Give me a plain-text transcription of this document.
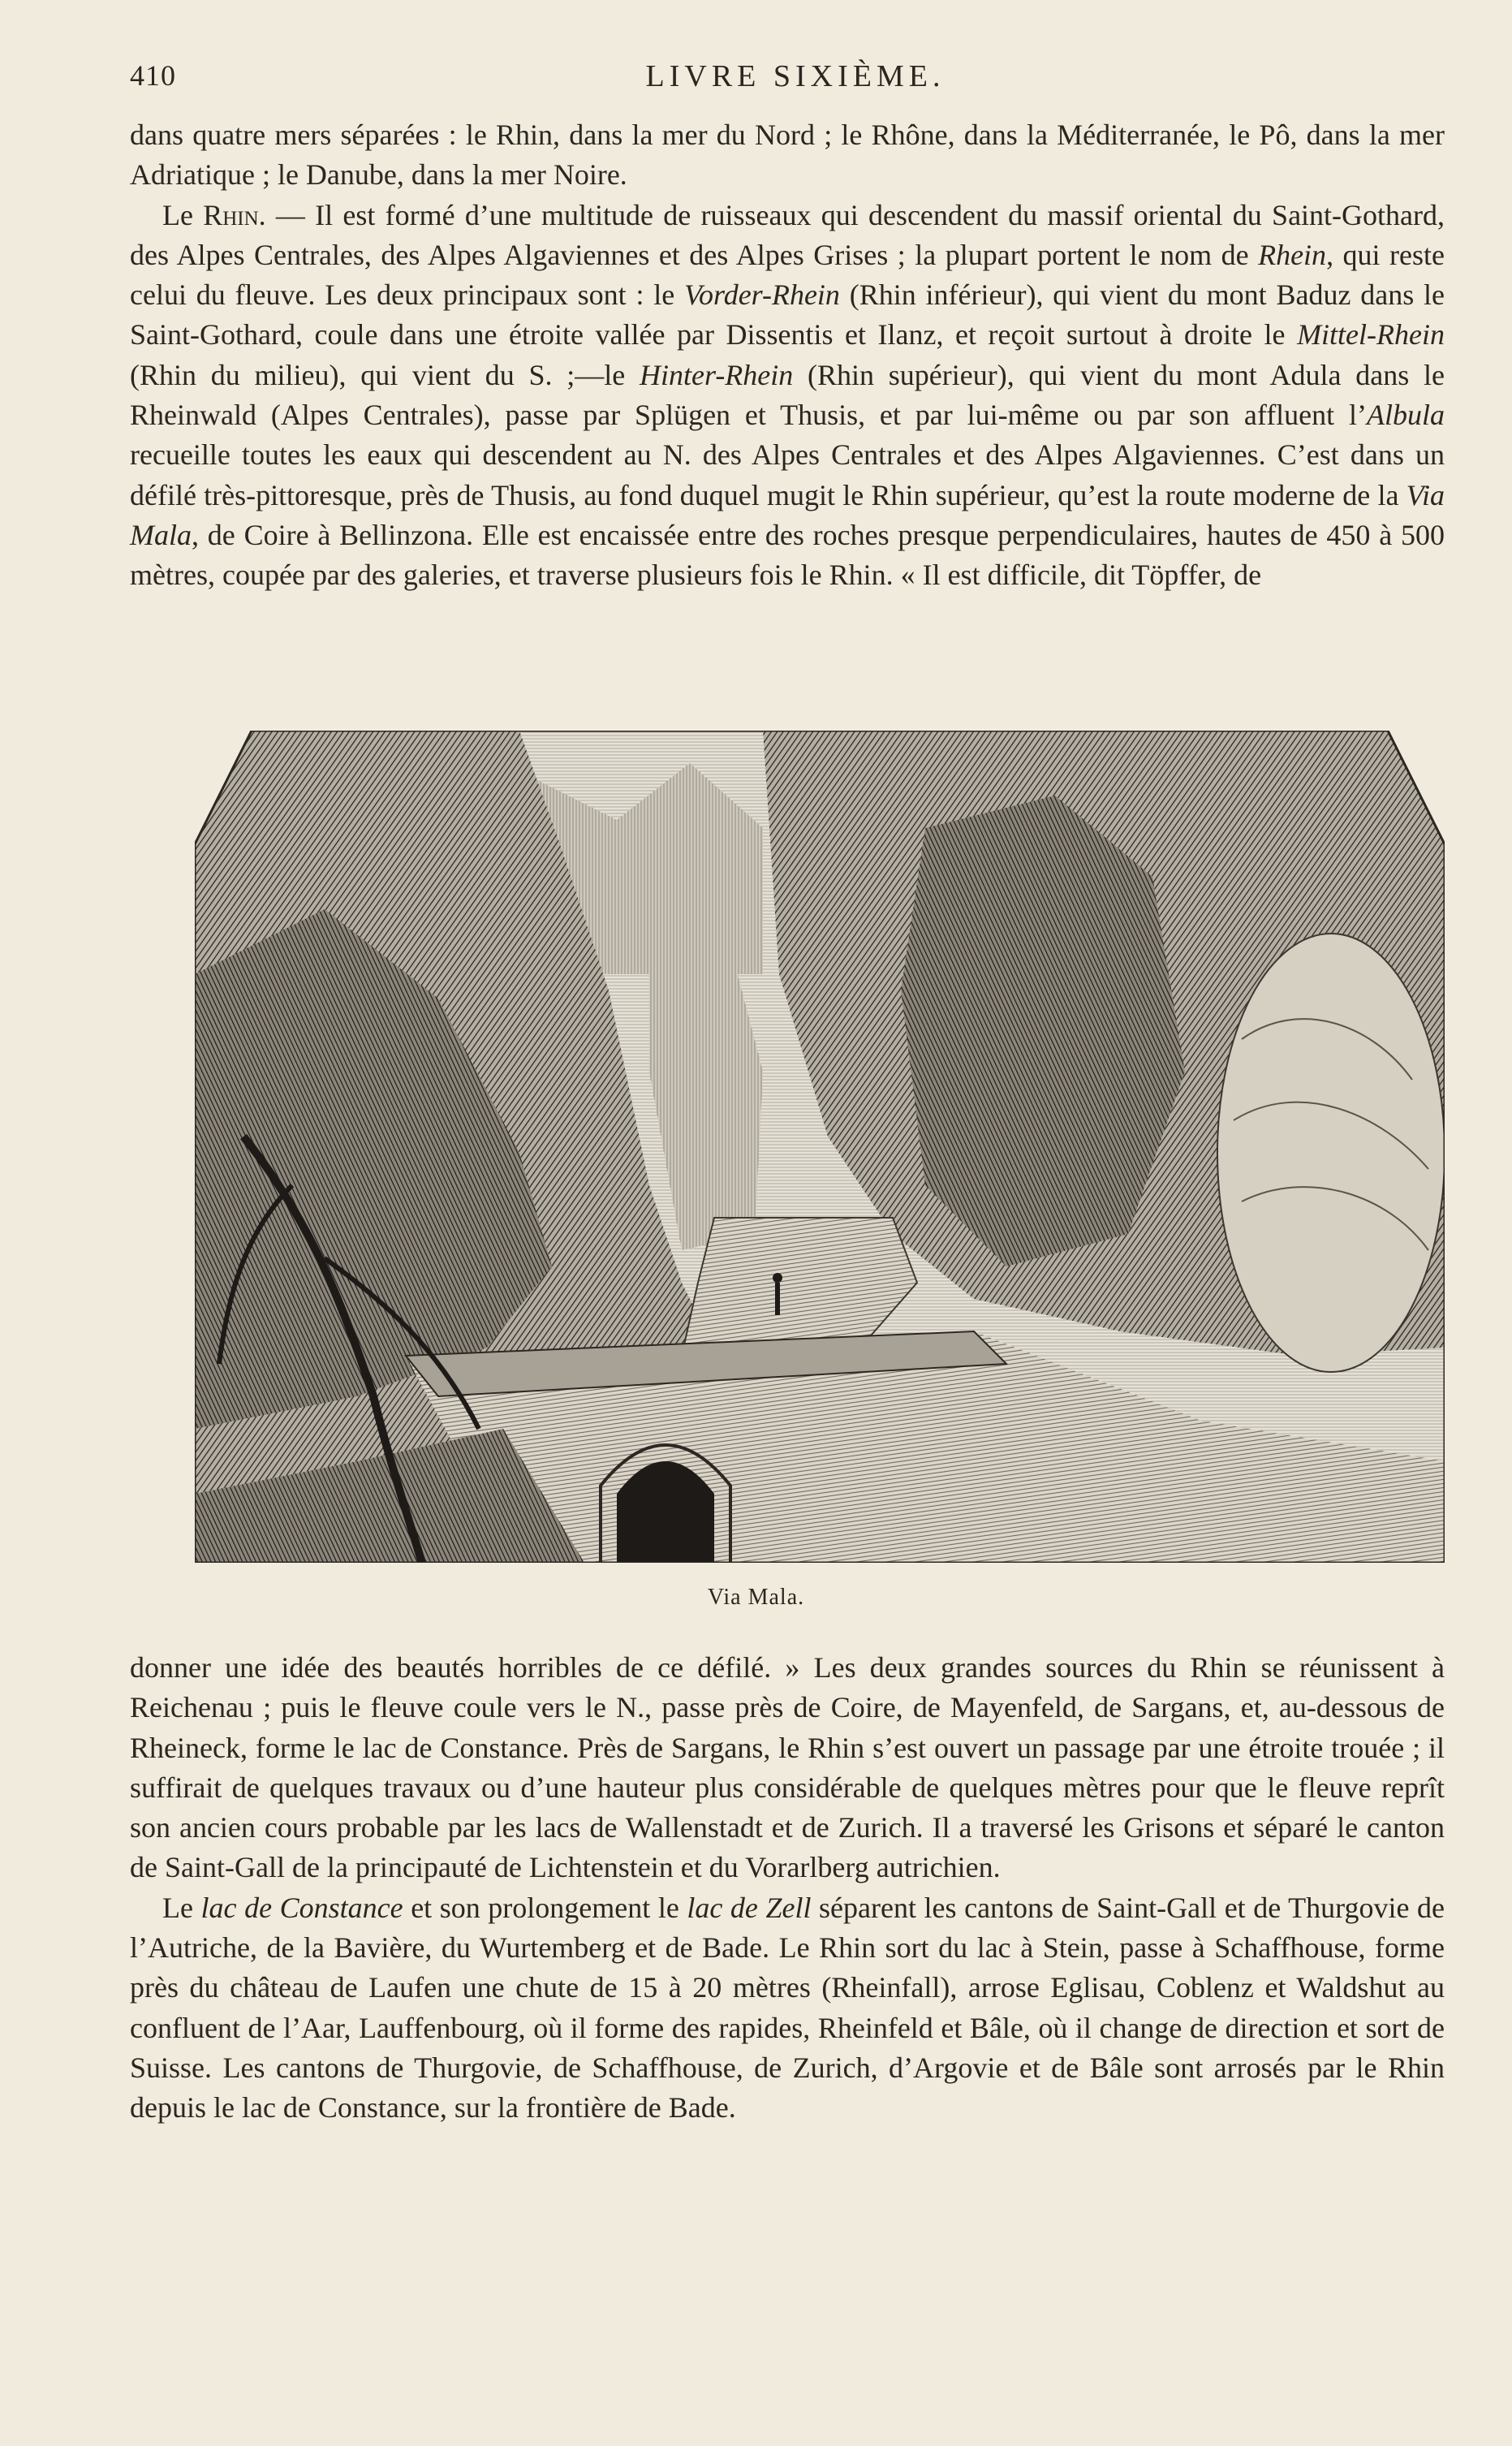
410	LIVRE SIXIÈME.

dans quatre mers séparées : le Rhin, dans la mer du Nord ; le Rhône, dans la Méditerranée, le Pô, dans la mer Adriatique ; le Danube, dans la mer Noire.

Le Rhin. — Il est formé d’une multitude de ruisseaux qui descendent du massif oriental du Saint-Gothard, des Alpes Centrales, des Alpes Algaviennes et des Alpes Grises ; la plupart portent le nom de Rhein, qui reste celui du fleuve. Les deux principaux sont : le Vorder-Rhein (Rhin inférieur), qui vient du mont Baduz dans le Saint-Gothard, coule dans une étroite vallée par Dissentis et Ilanz, et reçoit surtout à droite le Mittel-Rhein (Rhin du milieu), qui vient du S. ;—le Hinter-Rhein (Rhin supérieur), qui vient du mont Adula dans le Rheinwald (Alpes Centrales), passe par Splügen et Thusis, et par lui-même ou par son affluent l’Albula recueille toutes les eaux qui descendent au N. des Alpes Centrales et des Alpes Algaviennes. C’est dans un défilé très-pittoresque, près de Thusis, au fond duquel mugit le Rhin supérieur, qu’est la route moderne de la Via Mala, de Coire à Bellinzona. Elle est encaissée entre des roches presque perpendiculaires, hautes de 450 à 500 mètres, coupée par des galeries, et traverse plusieurs fois le Rhin. « Il est difficile, dit Töpffer, de

Via Mala.

donner une idée des beautés horribles de ce défilé. » Les deux grandes sources du Rhin se réunissent à Reichenau ; puis le fleuve coule vers le N., passe près de Coire, de Mayenfeld, de Sargans, et, au-dessous de Rheineck, forme le lac de Constance. Près de Sargans, le Rhin s’est ouvert un passage par une étroite trouée ; il suffirait de quelques travaux ou d’une hauteur plus considérable de quelques mètres pour que le fleuve reprît son ancien cours probable par les lacs de Wallenstadt et de Zurich. Il a traversé les Grisons et séparé le canton de Saint-Gall de la principauté de Lichtenstein et du Vorarlberg autrichien.

Le lac de Constance et son prolongement le lac de Zell séparent les cantons de Saint-Gall et de Thurgovie de l’Autriche, de la Bavière, du Wurtemberg et de Bade. Le Rhin sort du lac à Stein, passe à Schaffhouse, forme près du château de Laufen une chute de 15 à 20 mètres (Rheinfall), arrose Eglisau, Coblenz et Waldshut au confluent de l’Aar, Lauffenbourg, où il forme des rapides, Rheinfeld et Bâle, où il change de direction et sort de Suisse. Les cantons de Thurgovie, de Schaffhouse, de Zurich, d’Argovie et de Bâle sont arrosés par le Rhin depuis le lac de Constance, sur la frontière de Bade.
